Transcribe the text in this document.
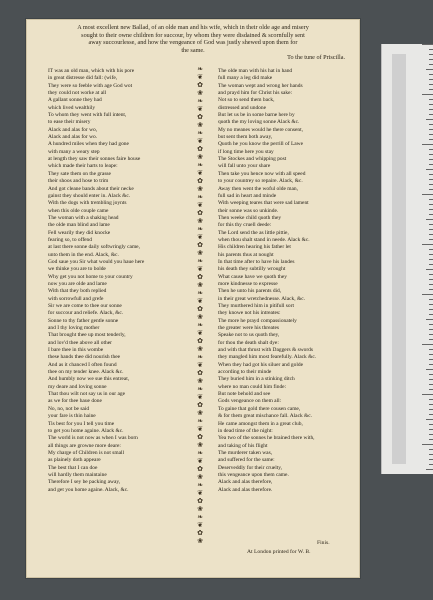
A most excellent new Ballad, of an olde man and his wife, which in their olde age and misery
sought to their owne children for succour, by whom they were disdained & scornfully sent
away succourlesse, and how the vengeance of God was justly shewed upon them for
the same.
To the tune of Priscilla.
IT was an old man, which with his pore
in great distresse did fall: (wife,
They were so feeble with age God wot
they could not worke at all
A gallant sonne they had
which lived wealthily
To whom they went with full intent,
to ease their misery
Alack and alas for wo,
Alack and alas for wo.
A hundred miles when they had gone
with many a weary step
at length they saw their sonnes faire house
which made their harts to leape:
They sate them on the grasse
their shoos and hose to trim
And got cleane bands about their necke
gainst they should enter in. Alack &c.
With the dogs with trembling joynts
when this olde couple came
The woman with a shaking head
the olde man blind and lame
Fell wearily they did knocke
fearing so, to offend
at last there sonne daily softwringly came,
unto them in the end. Alack, &c.
God saue you Sir what would you haue here
we thinke you are to bolde
Why get you not home to your country
now you are olde and lame
With that they both replied
with sorrowfull and grefe
Sir we are come to thee our sonne
for succour and reliefe. Alack, &c.
Sonne to thy father gentle sonne
and I thy loving mother
That brought thee up most tenderly,
and lov'd thee above all other
I bare thee in this wombe
these hands thee did nourish thee
And as it chanced I often found
thee on my tender knee. Alack &c.
And humbly now we sue this entreat,
my deare and loving sonne
That thou wilt not say us in our age
as we for thee haue done
No, no, not be said
your fare is thin haine
Tis best for you I tell you time
to get you home againe. Alack &c.
The world is not now as when I was born
all things are growne more deare:
My charge of Children is not small
as plainely doth appeare
The best that I can doe
will hardly them maintaine
Therefore I sey be packing away,
and get you home againe. Alack, &c.
❧
❦
✿
❀
❧
❦
✿
❀
❧
❦
✿
❀
❧
❦
✿
❀
❧
❦
✿
❀
❧
❦
✿
❀
❧
❦
✿
❀
❧
❦
✿
❀
❧
❦
✿
❀
❧
❦
✿
❀
❧
❦
✿
❀
❧
❦
✿
❀
❧
❦
✿
❀
❧
❦
✿
❀
❧
❦
✿
❀
The olde man with his hat in hand
full many a leg did make
The woman wept and wrong her hands
and prayd him for Christ his sake:
Not so to send them back,
distressed and undone
But let us be in some barne here by
quoth the my loving sonne Alack &c.
My no meanes would he there consent,
but sent them both away,
Quoth he you know the perrill of Lawe
if long time here you stay
The Stockes and whipping post
will fall unto your share
Then take you hence now with all speed
to your countrey so repaire. Alack, &c.
Away then went the woful olde man,
full sad in heart and minde
With weeping teares that were sad lament
their sonne was so unkinde.
Then weeke child quoth they
for this thy cruell deede:
The Lord send the as little pittie,
when thou shalt stand in neede. Alack &c.
His children hearing his father let
his parents thus at nought
In that time after to have his landes
his death they subtilly wrought
What cause have we quoth they
more kindnesse to expresse
Then he unto his parents did,
in their great wretchednesse. Alack, &c.
They murthered him in pitifull sort
they knowe not his intreates:
The more he prayd compassionately
the greater were his threates
Speake not to us quoth they,
for thou the death shalt dye:
and with that thrust with Daggers & swords
they mangled him most fearefully. Alack &c.
When they had got his siluer and golde
according to their minde
They buried him in a stinking ditch
where no man could him finde:
But note behold and see
Gods vengeance on them all:
To gaine that gold there cousen came,
& for them great mischance fall. Alack &c.
He came amongst them in a great club,
in dead time of the night:
Yea two of the sonnes he brained there with,
and taking of his flight
The murderer taken was,
and suffered for the same:
Deserveddly for their cruelty,
this vengeance upon them came.
Alack and alas therefore,
Alack and alas therefore.
Finis.
At London printed for W. B.
